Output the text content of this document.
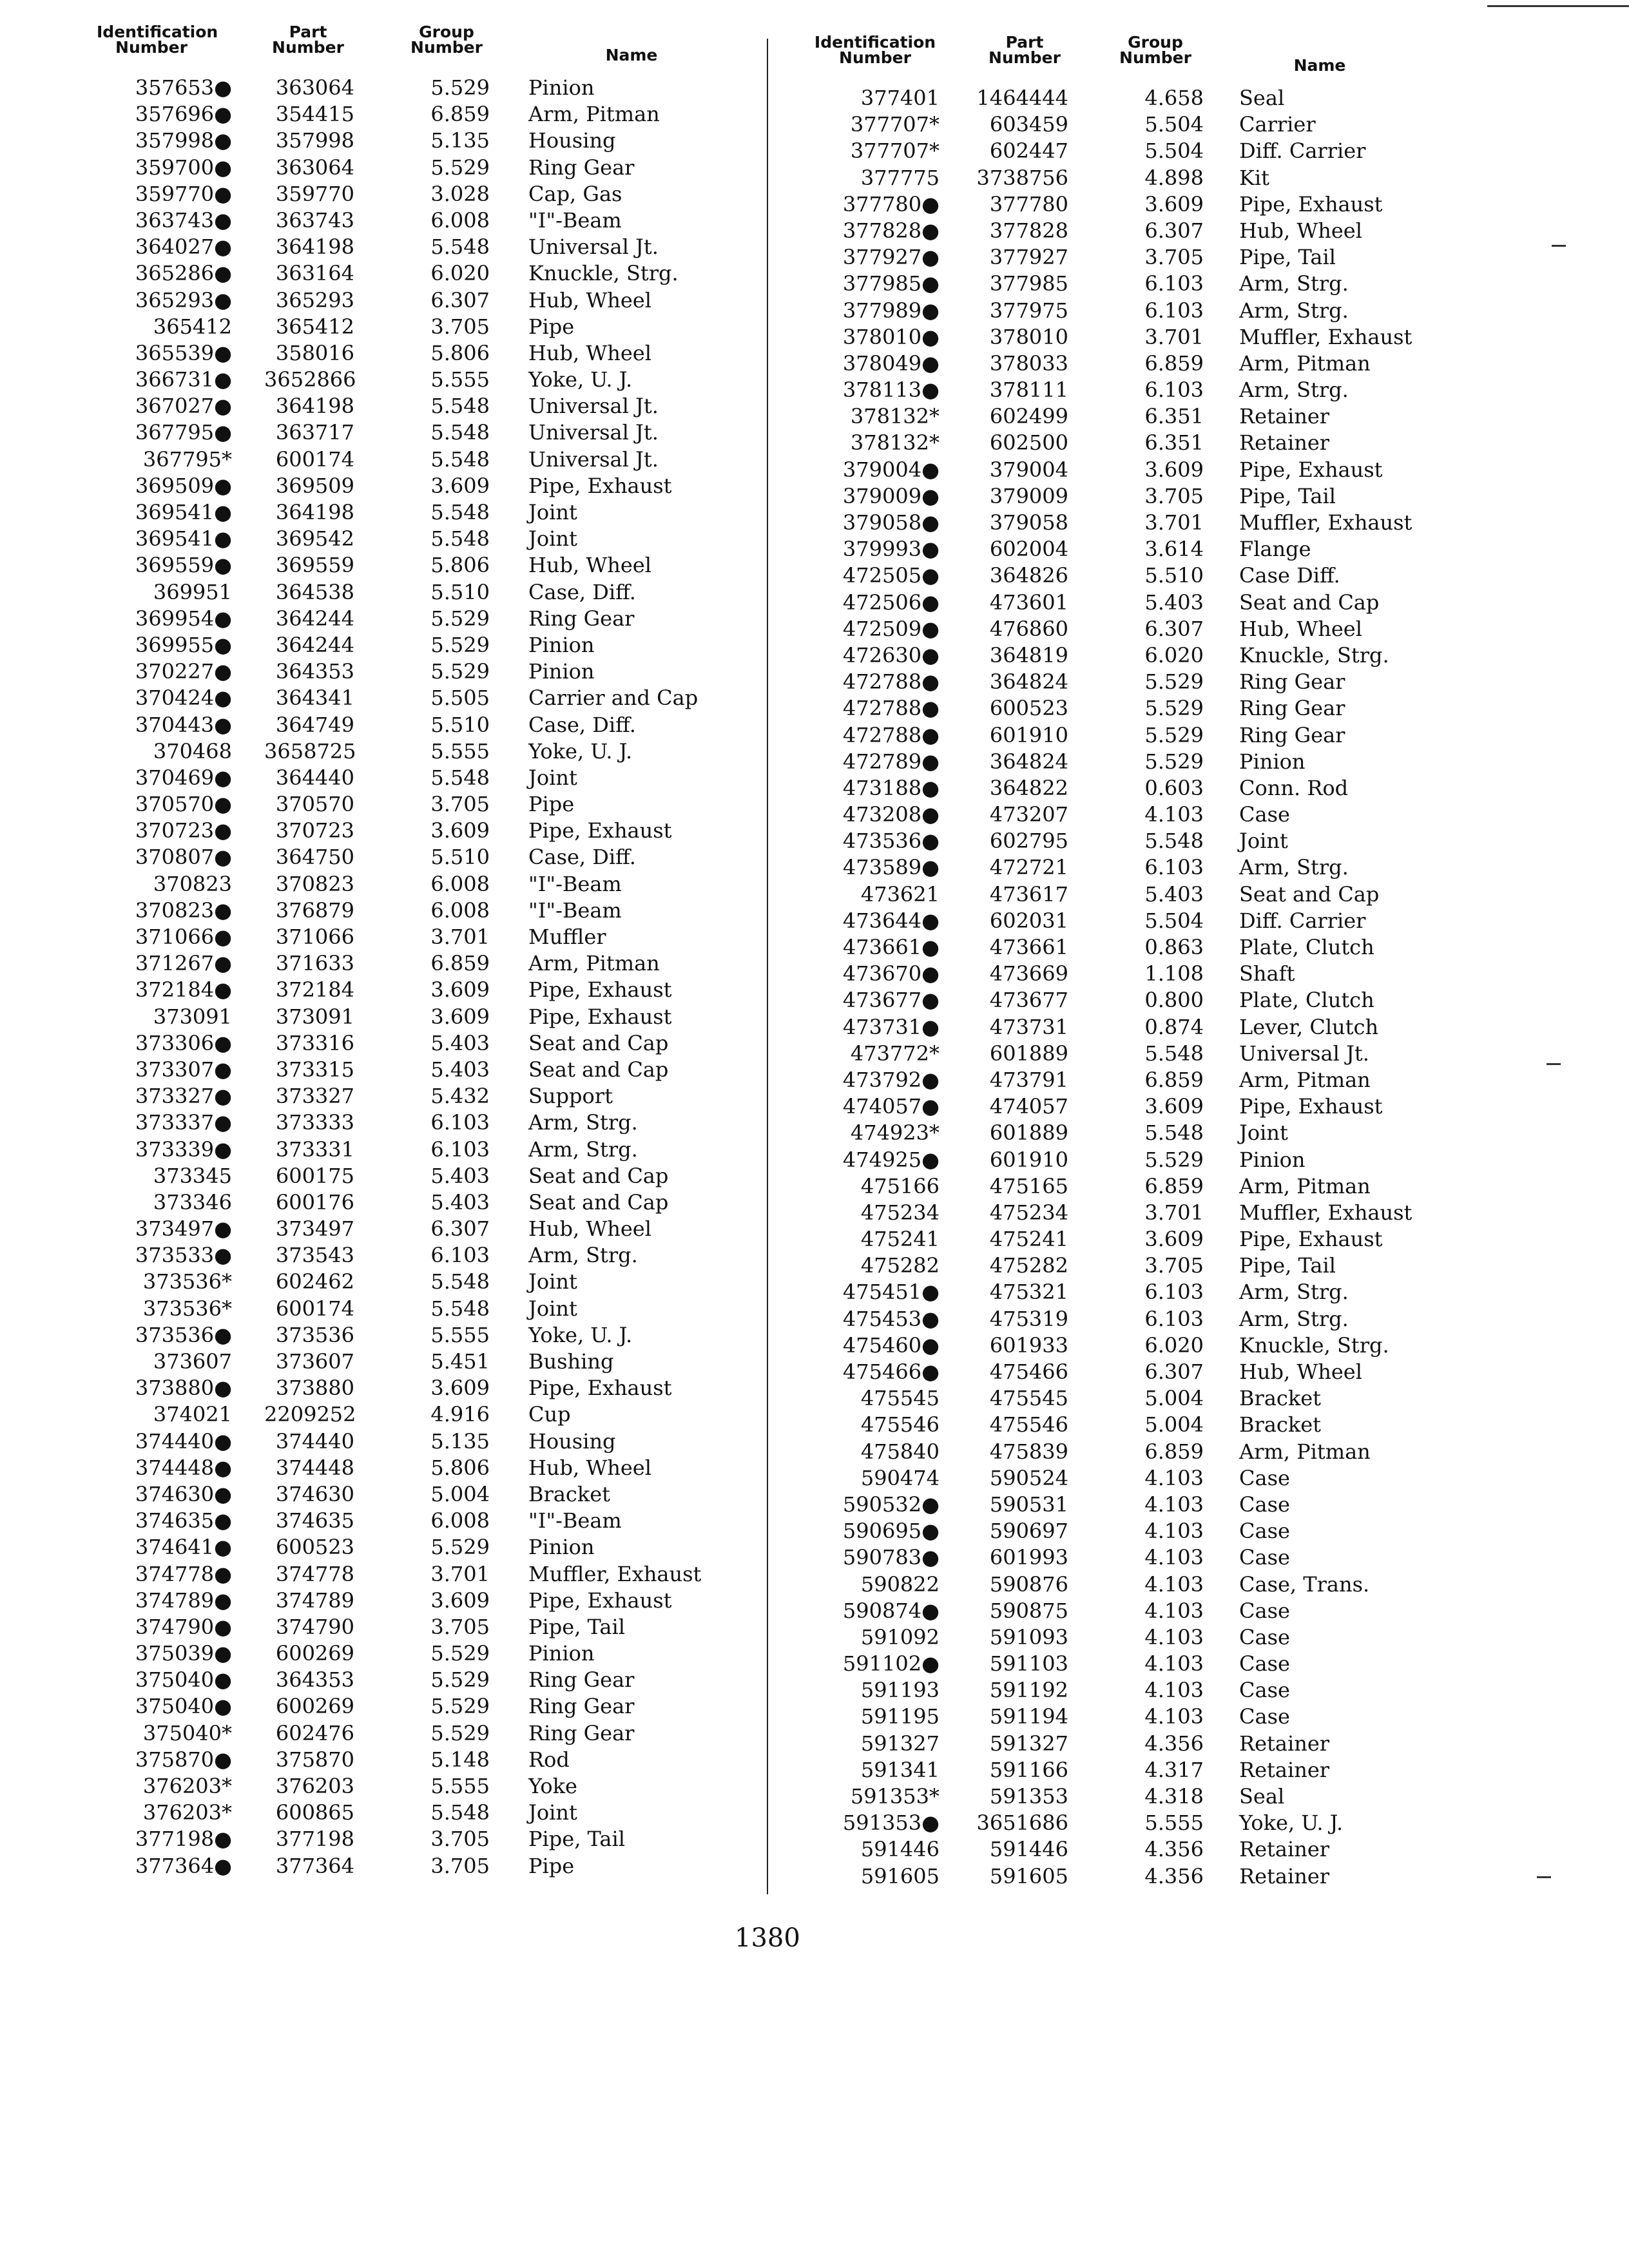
Identification Number
Part Number
Group Number	Name
357653●	363064	5.529 Pinion
357696●	354415	6.859 Arm, Pitman
357998●	357998	5.135 Housing
359700●	363064	5.529 Ring Gear
359770●	359770	3.028 Cap, Gas
363743●	363743	6.008 "I"-Beam
364027●	364198	5.548 Universal Jt.
365286●	363164	6.020 Knuckle, Strg.
365293●	365293	6.307 Hub, Wheel
365412	365412	3.705 Pipe
365539●	358016	5.806 Hub, Wheel
366731● 3652866	5.555 Yoke, U. J.
367027●	364198	5.548 Universal Jt.
367795●	363717	5.548 Universal Jt.
367795*	600174	5.548 Universal Jt.
369509●	369509	3.609 Pipe, Exhaust
369541●	364198	5.548 Joint
369541●	369542	5.548 Joint
369559●	369559	5.806 Hub, Wheel
369951	364538	5.510 Case, Diff.
369954●	364244	5.529 Ring Gear
369955●	364244	5.529 Pinion
370227●	364353	5.529 Pinion
370424●	364341	5.505 Carrier and Cap
370443●	364749	5.510 Case, Diff.
370468 3658725	5.555 Yoke, U. J.
370469●	364440	5.548 Joint
370570●	370570	3.705 Pipe
370723●	370723	3.609 Pipe, Exhaust
370807●	364750	5.510 Case, Diff.
370823	370823	6.008 "I"-Beam
370823●	376879	6.008 "I"-Beam
371066●	371066	3.701 Muffler
371267●	371633	6.859 Arm, Pitman
372184●	372184	3.609 Pipe, Exhaust
373091	373091	3.609 Pipe, Exhaust
373306●	373316	5.403 Seat and Cap
373307●	373315	5.403 Seat and Cap
373327●	373327	5.432 Support
373337●	373333	6.103 Arm, Strg.
373339●	373331	6.103 Arm, Strg.
373345	600175	5.403 Seat and Cap
373346	600176	5.403 Seat and Cap
373497●	373497	6.307 Hub, Wheel
373533●	373543	6.103 Arm, Strg.
373536*	602462	5.548 Joint
373536*	600174	5.548 Joint
373536●	373536	5.555 Yoke, U. J.
373607	373607	5.451 Bushing
373880●	373880	3.609 Pipe, Exhaust
374021 2209252	4.916 Cup
374440●	374440	5.135 Housing
374448●	374448	5.806 Hub, Wheel
374630●	374630	5.004 Bracket
374635●	374635	6.008 "I"-Beam
374641●	600523	5.529 Pinion
374778●	374778	3.701 Muffler, Exhaust
374789●	374789	3.609 Pipe, Exhaust
374790●	374790	3.705 Pipe, Tail
375039●	600269	5.529 Pinion
375040●	364353	5.529 Ring Gear
375040●	600269	5.529 Ring Gear
375040*	602476	5.529 Ring Gear
375870●	375870	5.148 Rod
376203*	376203	5.555 Yoke
376203*	600865	5.548 Joint
377198●	377198	3.705 Pipe, Tail
377364●	377364	3.705 Pipe
Identification Number
Part Number
Group Number	Name
377401 1464444	4.658 Seal
377707*	603459	5.504 Carrier
377707*	602447	5.504 Diff. Carrier
377775 3738756	4.898 Kit
377780●	377780	3.609 Pipe, Exhaust
377828●	377828	6.307 Hub, Wheel
377927●	377927	3.705 Pipe, Tail
377985●	377985	6.103 Arm, Strg.
377989●	377975	6.103 Arm, Strg.
378010●	378010	3.701 Muffler, Exhaust
378049●	378033	6.859 Arm, Pitman
378113●	378111	6.103 Arm, Strg.
378132*	602499	6.351 Retainer
378132*	602500	6.351 Retainer
379004●	379004	3.609 Pipe, Exhaust
379009●	379009	3.705 Pipe, Tail
379058●	379058	3.701 Muffler, Exhaust
379993●	602004	3.614 Flange
472505●	364826	5.510 Case Diff.
472506●	473601	5.403 Seat and Cap
472509●	476860	6.307 Hub, Wheel
472630●	364819	6.020 Knuckle, Strg.
472788●	364824	5.529 Ring Gear
472788●	600523	5.529 Ring Gear
472788●	601910	5.529 Ring Gear
472789●	364824	5.529 Pinion
473188●	364822	0.603 Conn. Rod
473208●	473207	4.103 Case
473536●	602795	5.548 Joint
473589●	472721	6.103 Arm, Strg.
473621	473617	5.403 Seat and Cap
473644●	602031	5.504 Diff. Carrier
473661●	473661	0.863 Plate, Clutch
473670●	473669	1.108 Shaft
473677●	473677	0.800 Plate, Clutch
473731●	473731	0.874 Lever, Clutch
473772*	601889	5.548 Universal Jt.
473792●	473791	6.859 Arm, Pitman
474057●	474057	3.609 Pipe, Exhaust
474923*	601889	5.548 Joint
474925●	601910	5.529 Pinion
475166	475165	6.859 Arm, Pitman
475234	475234	3.701 Muffler, Exhaust
475241	475241	3.609 Pipe, Exhaust
475282	475282	3.705 Pipe, Tail
475451●	475321	6.103 Arm, Strg.
475453●	475319	6.103 Arm, Strg.
475460●	601933	6.020 Knuckle, Strg.
475466●	475466	6.307 Hub, Wheel
475545	475545	5.004 Bracket
475546	475546	5.004 Bracket
475840	475839	6.859 Arm, Pitman
590474	590524	4.103 Case
590532●	590531	4.103 Case
590695●	590697	4.103 Case
590783●	601993	4.103 Case
590822	590876	4.103 Case, Trans.
590874●	590875	4.103 Case
591092	591093	4.103 Case
591102●	591103	4.103 Case
591193	591192	4.103 Case
591195	591194	4.103 Case
591327	591327	4.356 Retainer
591341	591166	4.317 Retainer
591353*	591353	4.318 Seal
591353● 3651686	5.555 Yoke, U. J.
591446	591446	4.356 Retainer
591605	591605	4.356 Retainer
1380
